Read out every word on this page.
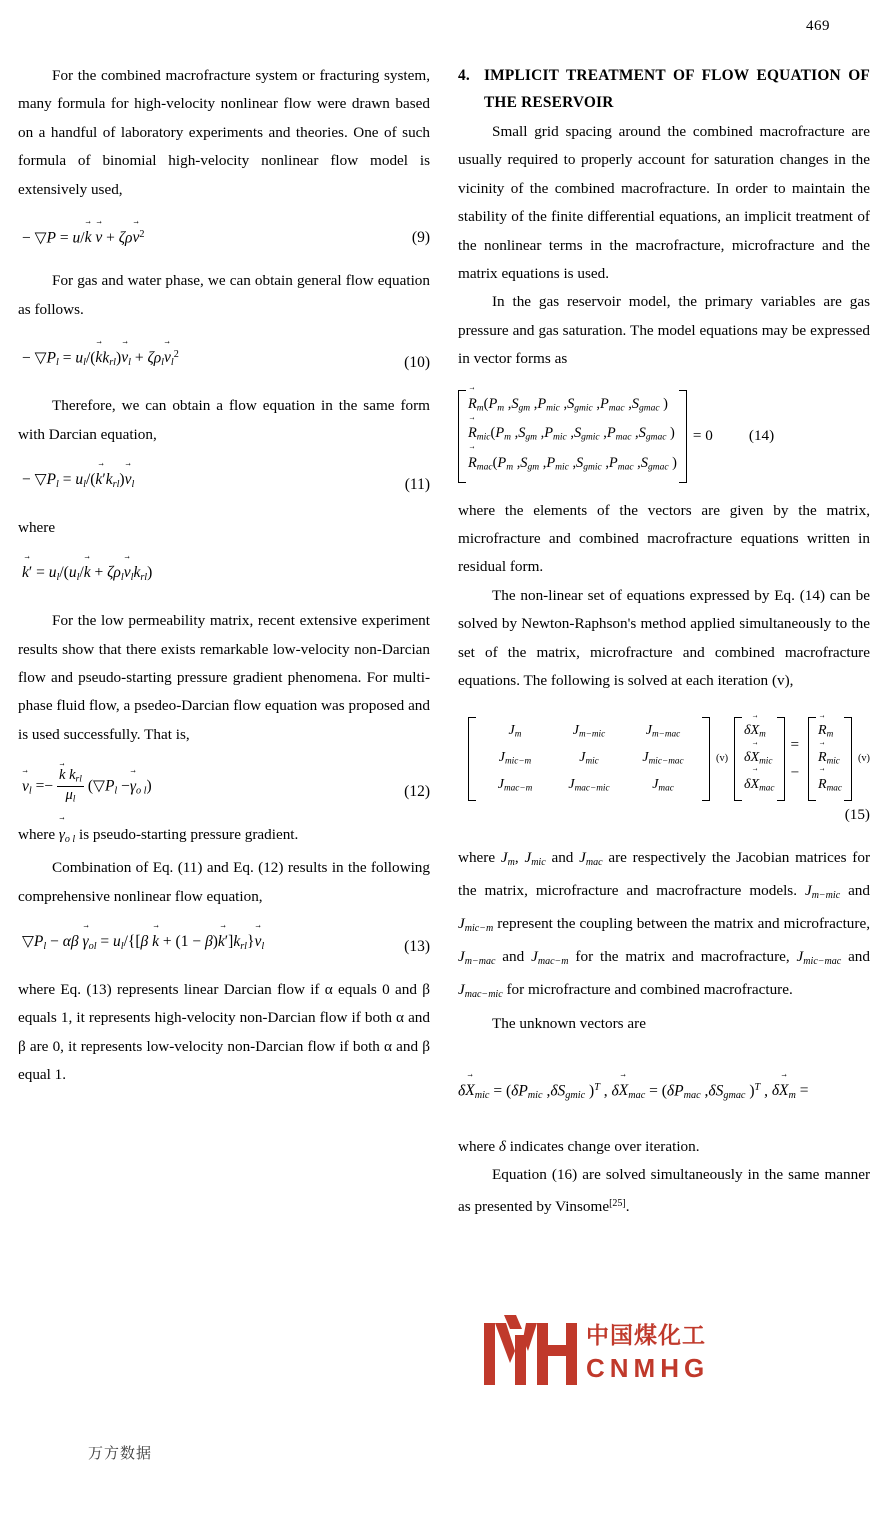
469

For the combined macrofracture system or fracturing system, many formula for high-velocity nonlinear flow were drawn based on a handful of laboratory experiments and theories. One of such formula of binomial high-velocity nonlinear flow model is extensively used,

− ▽P = u/k → v → + ζρv →$^2$	(9)

For gas and water phase, we can obtain general flow equation as follows.

− $▽P_l = u_l/(k \to k_{rl})v \to_l + \zeta\rho_lv \to_l^2$	(10)

Therefore, we can obtain a flow equation in the same form with Darcian equation,

− $▽P_l = u_l/(k' \to k_{rl})v \to_l$	(11)

where

k′ → = $u_l/(u_l/k$ → + $\zeta\rho_lv \to_lk_{rl}$)

For the low permeability matrix, recent extensive experiment results show that there exists remarkable low-velocity non-Darcian flow and pseudo-starting pressure gradient phenomena. For multi-phase fluid flow, a psedeo-Darcian flow equation was proposed and is used successfully. That is,

$v \to_l =- \frac{k \to k_{rl}}{\mu_l}$ $(▽P_l -\gamma \to_{o l})$	(12)

where $\gamma \to_{o l}$ is pseudo-starting pressure gradient.

Combination of Eq. (11) and Eq. (12) results in the following comprehensive nonlinear flow equation,

$▽P_l - \alpha\beta$ $\gamma \to_{ol} = u_l/\{[\beta$ k → + $(1 - \beta)k' \to]k_{rl}\}v \to_l$	(13)

where Eq. (13) represents linear Darcian flow if α equals 0 and β equals 1, it represents high-velocity non-Darcian flow if both α and β are 0, it represents low-velocity non-Darcian flow if both α and β equal 1.

4. IMPLICIT TREATMENT OF FLOW EQUATION OF THE RESERVOIR

Small grid spacing around the combined macrofracture are usually required to properly account for saturation changes in the vicinity of the combined macrofracture. In order to maintain the stability of the finite differential equations, an implicit treatment of the nonlinear terms in the macrofracture, microfracture and the matrix equations is used.

In the gas reservoir model, the primary variables are gas pressure and gas saturation. The model equations may be expressed in vector forms as

$R \to_m(P_m$ $,S_{gm}$ $,P_{mic}$ $,S_{gmic}$ $,P_{mac}$ $,S_{gmac}$ )
$R \to_{mic}(P_m$ $,S_{gm}$ $,P_{mic}$ $,S_{gmic}$ $,P_{mac}$ $,S_{gmac}$ )
$R \to_{mac}(P_m$ $,S_{gm}$ $,P_{mic}$ $,S_{gmic}$ $,P_{mac}$ $,S_{gmac}$ )
= 0 (14)

where the elements of the vectors are given by the matrix, microfracture and combined macrofracture equations written in residual form.

The non-linear set of equations expressed by Eq. (14) can be solved by Newton-Raphson's method applied simultaneously to the set of the matrix, microfracture and combined macrofracture equations. The following is solved at each iteration (v),

$J_m$	$J_{m-mic}$	$J_{m-mac}$
$J_{mic-m}$	$J_{mic}$	$J_{mic-mac}$
$J_{mac-m}$	$J_{mac-mic}$	$J_{mac}$
(v)
$\delta X \to_m$
$\delta X \to_{mic}$
$\delta X \to_{mac}$
= −
$R \to_m$
$R \to_{mic}$
$R \to_{mac}$
(v)
(15)

where $J_m$, $J_{mic}$ and $J_{mac}$ are respectively the Jacobian matrices for the matrix, microfracture and macrofracture models. $J_{m-mic}$ and $J_{mic-m}$ represent the coupling between the matrix and microfracture, $J_{m-mac}$ and $J_{mac-m}$ for the matrix and macrofracture, $J_{mic-mac}$ and $J_{mac-mic}$ for microfracture and combined macrofracture.

The unknown vectors are

$\delta X \to_{mic} = (\delta P_{mic}$ $,\delta S_{gmic}$ )$^T$ , $\delta X \to_{mac} = (\delta P_{mac}$ $,\delta S_{gmac}$ )$^T$ , $\delta X \to_m$ =

where δ indicates change over iteration.

Equation (16) are solved simultaneously in the same manner as presented by Vinsome[25].

中国煤化工
CNMHG
万方数据
